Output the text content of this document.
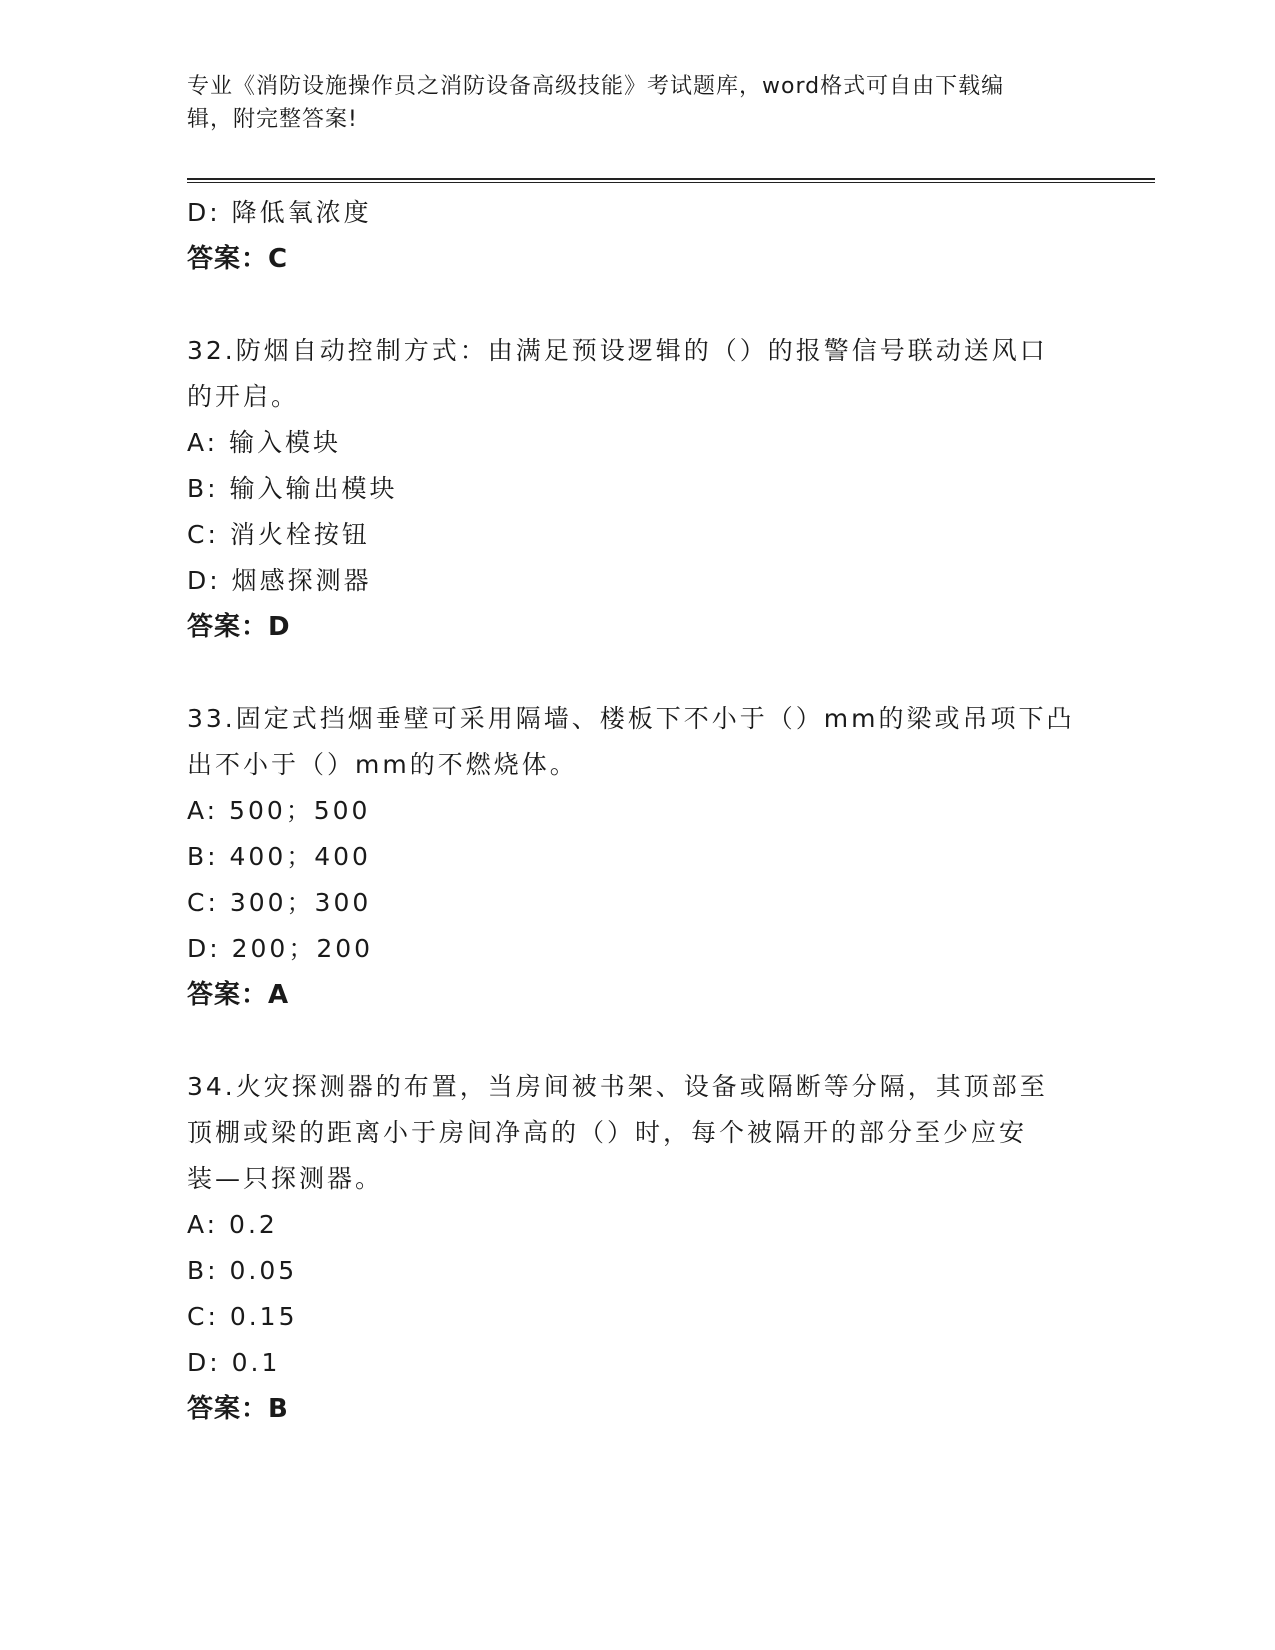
专业《消防设施操作员之消防设备高级技能》考试题库，word格式可自由下载编
辑，附完整答案!
D: 降低氧浓度
答案：C
32.防烟自动控制方式：由满足预设逻辑的（）的报警信号联动送风口
的开启。
A: 输入模块
B: 输入输出模块
C: 消火栓按钮
D: 烟感探测器
答案：D
33.固定式挡烟垂壁可采用隔墙、楼板下不小于（）mm的梁或吊项下凸
出不小于（）mm的不燃烧体。
A: 500；500
B: 400；400
C: 300；300
D: 200；200
答案：A
34.火灾探测器的布置，当房间被书架、设备或隔断等分隔，其顶部至
顶棚或梁的距离小于房间净高的（）时，每个被隔开的部分至少应安
装—只探测器。
A: 0.2
B: 0.05
C: 0.15
D: 0.1
答案：B
